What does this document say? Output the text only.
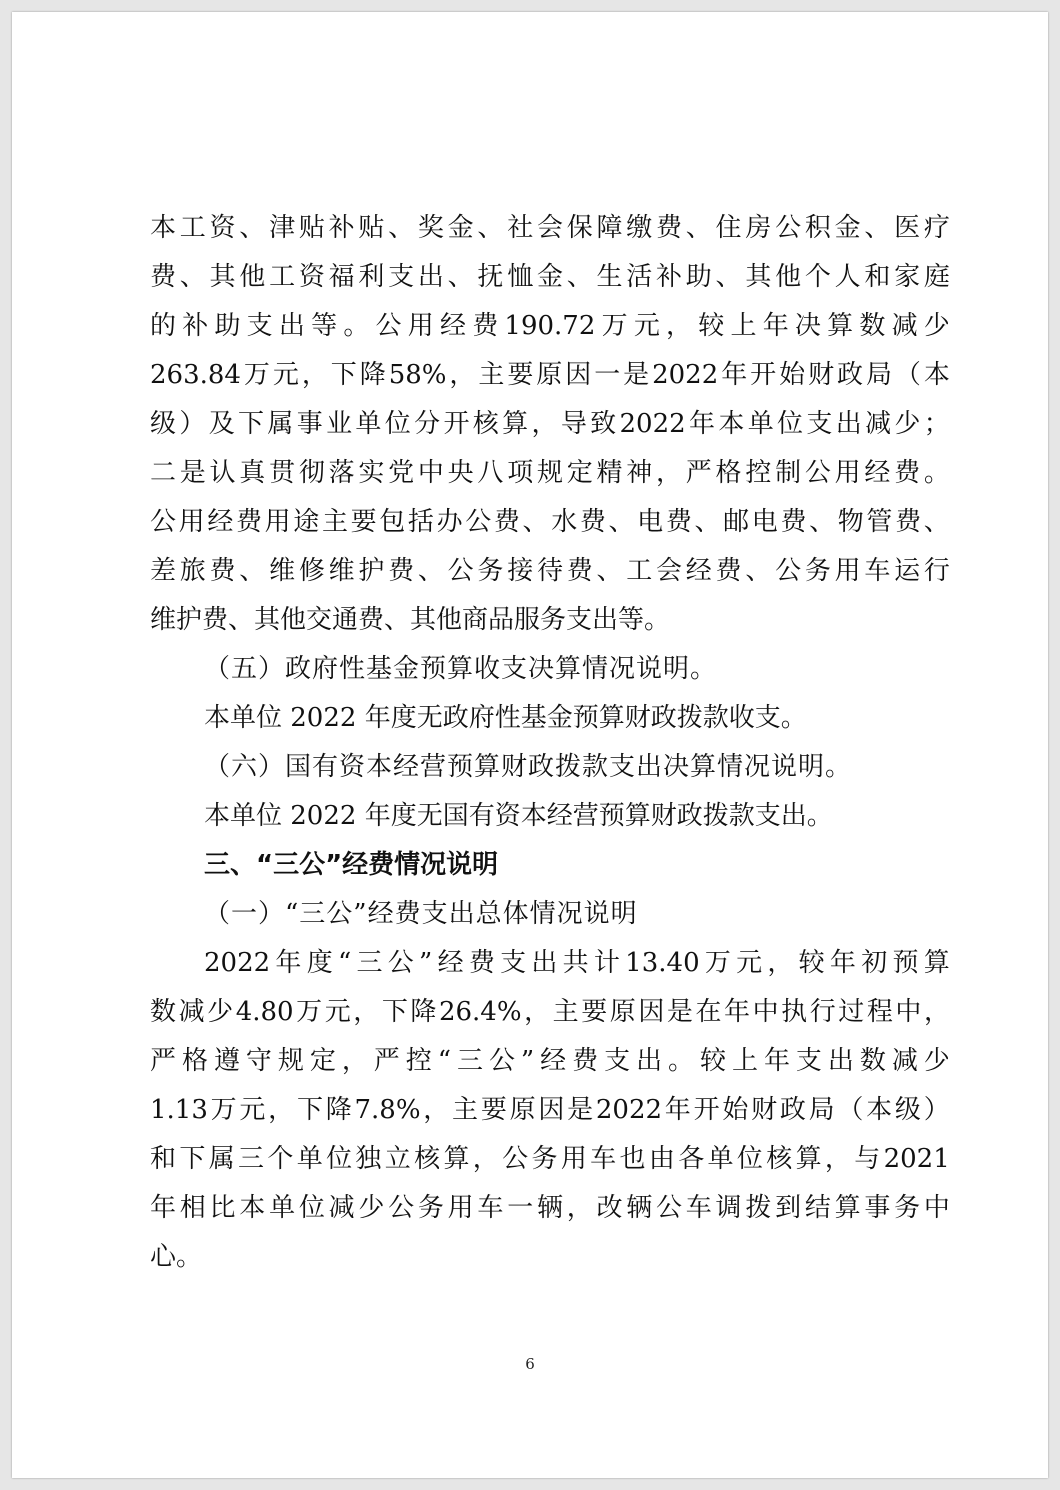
本 工 资 、 津 贴 补 贴 、 奖 金 、 社 会 保 障 缴 费 、 住 房 公 积 金 、 医 疗
费 、 其 他 工 资 福 利 支 出 、 抚 恤 金 、 生 活 补 助 、 其 他 个 人 和 家 庭
的 补 助 支 出 等 。 公 用 经 费 190.72 万 元 ， 较 上 年 决 算 数 减 少
263.84 万 元 ， 下 降 58% ， 主 要 原 因 一 是 2022 年 开 始 财 政 局 （ 本
级 ） 及 下 属 事 业 单 位 分 开 核 算 ， 导 致 2022 年 本 单 位 支 出 减 少 ；
二 是 认 真 贯 彻 落 实 党 中 央 八 项 规 定 精 神 ， 严 格 控 制 公 用 经 费 。
公 用 经 费 用 途 主 要 包 括 办 公 费 、 水 费 、 电 费 、 邮 电 费 、 物 管 费 、
差 旅 费 、 维 修 维 护 费 、 公 务 接 待 费 、 工 会 经 费 、 公 务 用 车 运 行
维护费、其他交通费、其他商品服务支出等。
（五）政府性基金预算收支决算情况说明。
本单位 2022 年度无政府性基金预算财政拨款收支。
（六）国有资本经营预算财政拨款支出决算情况说明。
本单位 2022 年度无国有资本经营预算财政拨款支出。
三、“三公”经费情况说明
（一）“三公”经费支出总体情况说明
2022 年 度 “ 三 公 ” 经 费 支 出 共 计 13.40 万 元 ， 较 年 初 预 算
数 减 少 4.80 万 元 ， 下 降 26.4% ， 主 要 原 因 是 在 年 中 执 行 过 程 中 ，
严 格 遵 守 规 定 ， 严 控 “ 三 公 ” 经 费 支 出 。 较 上 年 支 出 数 减 少
1.13 万 元 ， 下 降 7.8% ， 主 要 原 因 是 2022 年 开 始 财 政 局 （ 本 级 ）
和 下 属 三 个 单 位 独 立 核 算 ， 公 务 用 车 也 由 各 单 位 核 算 ， 与 2021
年 相 比 本 单 位 减 少 公 务 用 车 一 辆 ， 改 辆 公 车 调 拨 到 结 算 事 务 中
心。
6
